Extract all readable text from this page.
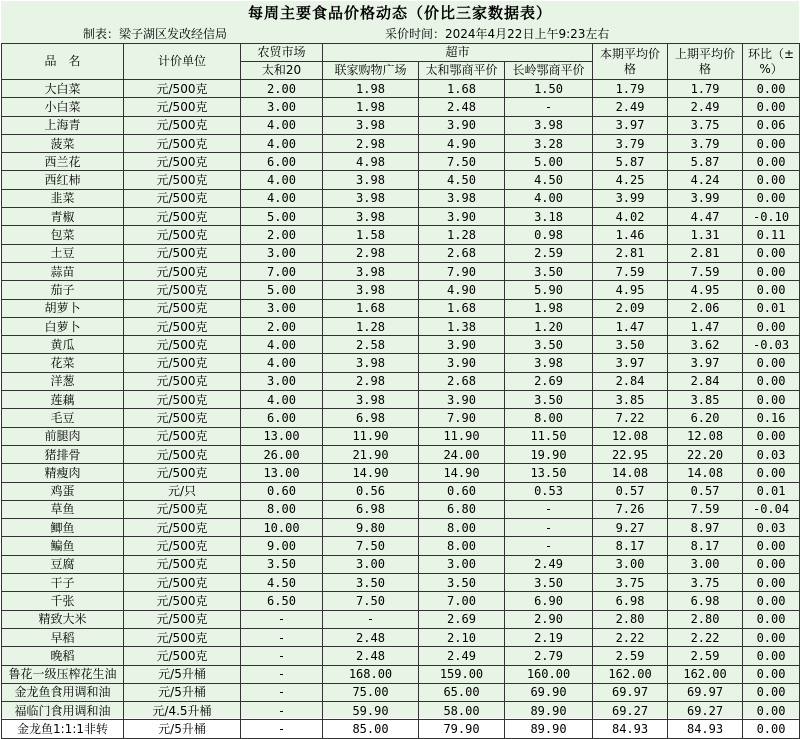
每周主要食品价格动态（价比三家数据表）
制表：梁子湖区发改经信局	采价时间：2024年4月22日上午9:23左右
品　名	计价单位	农贸市场	超市			本期平均价格	上期平均价格	环比（±%）
		太和20	联家购物广场	太和鄂商平价	长岭鄂商平价			
大白菜	元/500克	2.00	1.98	1.68	1.50	1.79	1.79	0.00
小白菜	元/500克	3.00	1.98	2.48	-	2.49	2.49	0.00
上海青	元/500克	4.00	3.98	3.90	3.98	3.97	3.75	0.06
菠菜	元/500克	4.00	2.98	4.90	3.28	3.79	3.79	0.00
西兰花	元/500克	6.00	4.98	7.50	5.00	5.87	5.87	0.00
西红柿	元/500克	4.00	3.98	4.50	4.50	4.25	4.24	0.00
韭菜	元/500克	4.00	3.98	3.98	4.00	3.99	3.99	0.00
青椒	元/500克	5.00	3.98	3.90	3.18	4.02	4.47	-0.10
包菜	元/500克	2.00	1.58	1.28	0.98	1.46	1.31	0.11
土豆	元/500克	3.00	2.98	2.68	2.59	2.81	2.81	0.00
蒜苗	元/500克	7.00	3.98	7.90	3.50	7.59	7.59	0.00
茄子	元/500克	5.00	3.98	4.90	5.90	4.95	4.95	0.00
胡萝卜	元/500克	3.00	1.68	1.68	1.98	2.09	2.06	0.01
白萝卜	元/500克	2.00	1.28	1.38	1.20	1.47	1.47	0.00
黄瓜	元/500克	4.00	2.58	3.90	3.50	3.50	3.62	-0.03
花菜	元/500克	4.00	3.98	3.90	3.98	3.97	3.97	0.00
洋葱	元/500克	3.00	2.98	2.68	2.69	2.84	2.84	0.00
莲藕	元/500克	4.00	3.98	3.90	3.50	3.85	3.85	0.00
毛豆	元/500克	6.00	6.98	7.90	8.00	7.22	6.20	0.16
前腿肉	元/500克	13.00	11.90	11.90	11.50	12.08	12.08	0.00
猪排骨	元/500克	26.00	21.90	24.00	19.90	22.95	22.20	0.03
精瘦肉	元/500克	13.00	14.90	14.90	13.50	14.08	14.08	0.00
鸡蛋	元/只	0.60	0.56	0.60	0.53	0.57	0.57	0.01
草鱼	元/500克	8.00	6.98	6.80	-	7.26	7.59	-0.04
鲫鱼	元/500克	10.00	9.80	8.00	-	9.27	8.97	0.03
鳊鱼	元/500克	9.00	7.50	8.00	-	8.17	8.17	0.00
豆腐	元/500克	3.50	3.00	3.00	2.49	3.00	3.00	0.00
干子	元/500克	4.50	3.50	3.50	3.50	3.75	3.75	0.00
千张	元/500克	6.50	7.50	7.00	6.90	6.98	6.98	0.00
精致大米	元/500克	-	-	2.69	2.90	2.80	2.80	0.00
早稻	元/500克	-	2.48	2.10	2.19	2.22	2.22	0.00
晚稻	元/500克	-	2.48	2.49	2.79	2.59	2.59	0.00
鲁花一级压榨花生油	元/5升桶	-	168.00	159.00	160.00	162.00	162.00	0.00
金龙鱼食用调和油	元/5升桶	-	75.00	65.00	69.90	69.97	69.97	0.00
福临门食用调和油	元/4.5升桶	-	59.90	58.00	89.90	69.27	69.27	0.00
金龙鱼1:1:1非转	元/5升桶	-	85.00	79.90	89.90	84.93	84.93	0.00
